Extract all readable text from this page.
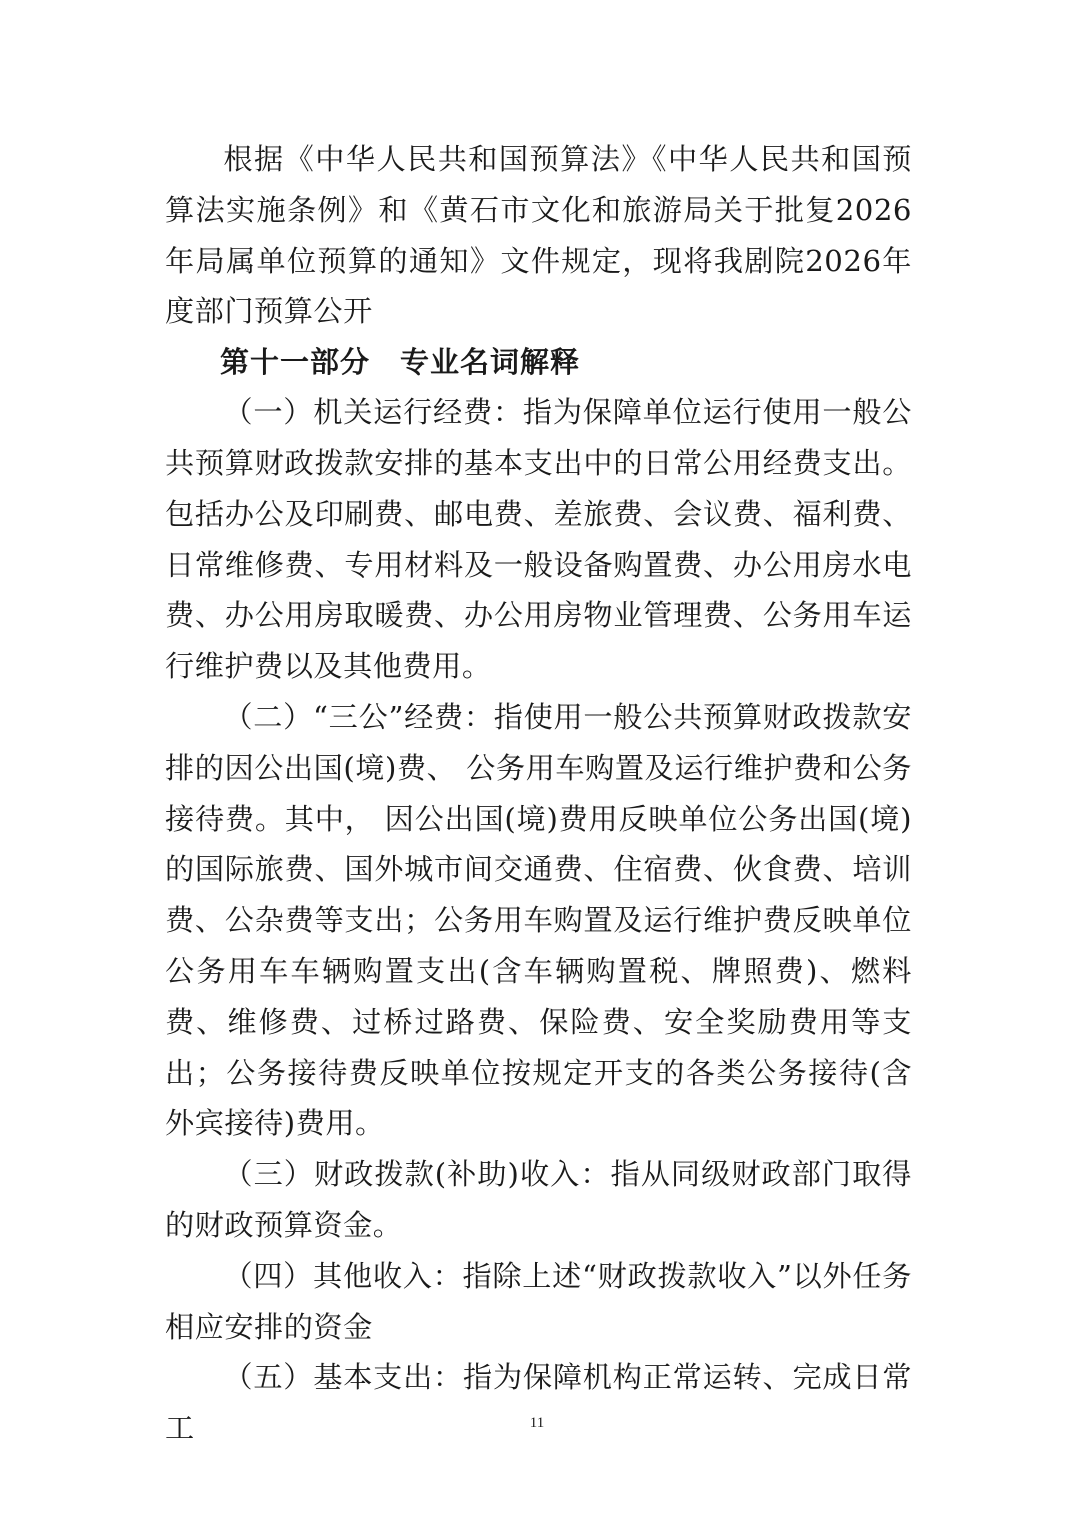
根据《中华人民共和国预算法》《中华人民共和国预算法实施条例》和《黄石市文化和旅游局关于批复2026年局属单位预算的通知》文件规定，现将我剧院2026年度部门预算公开

第十一部分　专业名词解释

（一）机关运行经费：指为保障单位运行使用一般公共预算财政拨款安排的基本支出中的日常公用经费支出。包括办公及印刷费、邮电费、差旅费、会议费、福利费、日常维修费、专用材料及一般设备购置费、办公用房水电费、办公用房取暖费、办公用房物业管理费、公务用车运行维护费以及其他费用。

（二）“三公”经费：指使用一般公共预算财政拨款安排的因公出国(境)费、 公务用车购置及运行维护费和公务接待费。其中， 因公出国(境)费用反映单位公务出国(境)的国际旅费、国外城市间交通费、住宿费、伙食费、培训费、公杂费等支出；公务用车购置及运行维护费反映单位公务用车车辆购置支出(含车辆购置税、牌照费)、燃料费、维修费、过桥过路费、保险费、安全奖励费用等支出；公务接待费反映单位按规定开支的各类公务接待(含外宾接待)费用。

（三）财政拨款(补助)收入：指从同级财政部门取得的财政预算资金。

（四）其他收入：指除上述“财政拨款收入”以外任务相应安排的资金

（五）基本支出：指为保障机构正常运转、完成日常工	11
